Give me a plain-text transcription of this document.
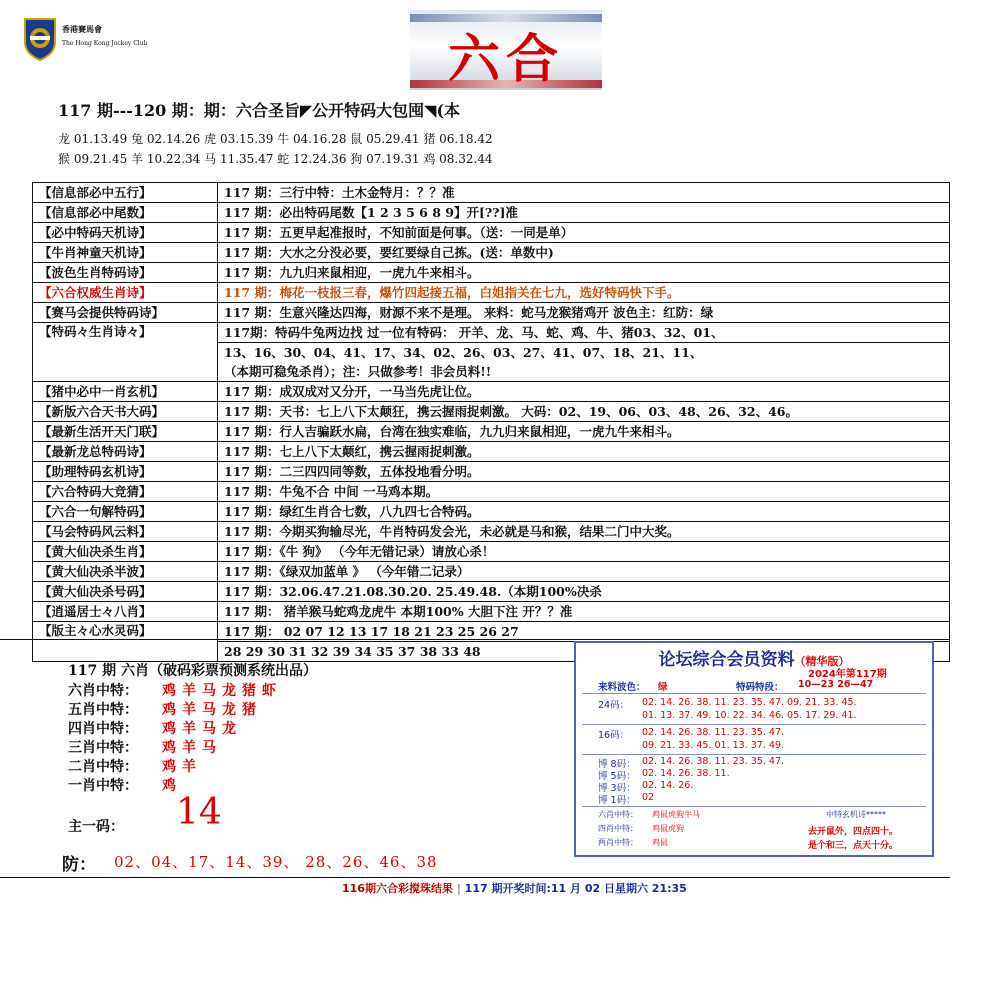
香港賽馬會
The Hong Kong Jockey Club	六合
117 期---120 期：期：六合圣旨◤公开特码大包囤◥(本
龙 01.13.49 兔 02.14.26 虎 03.15.39 牛 04.16.28 鼠 05.29.41 猪 06.18.42
猴 09.21.45 羊 10.22.34 马 11.35.47 蛇 12.24.36 狗 07.19.31 鸡 08.32.44
【信息部必中五行】	117 期：三行中特：土木金特月：？？准
【信息部必中尾数】	117 期：必出特码尾数【1 2 3 5 6 8 9】开[??]准
【必中特码天机诗】	117 期：五更早起准报时，不知前面是何事。（送：一同是单）
【牛肖神童天机诗】	117 期：大水之分没必要，要红要绿自己拣。(送：单数中)
【波色生肖特码诗】	117 期：九九归来鼠相迎，一虎九牛来相斗。
【六合权威生肖诗】	117 期：梅花一枝报三春，爆竹四起接五福，白姐指关在七九，选好特码快下手。
【赛马会提供特码诗】	117 期：生意兴隆达四海，财源不来不是理。 来料：蛇马龙猴猪鸡开 波色主：红防：绿
【特码々生肖诗々】	117期：特码牛兔两边找 过一位有特码： 开羊、龙、马、蛇、鸡、牛、猪03、32、01、
	13、16、30、04、41、17、34、02、26、03、27、41、07、18、21、11、
	（本期可稳兔杀肖）；注：只做参考！非会员料!!
【猪中必中一肖玄机】	117 期：成双成对又分开，一马当先虎让位。
【新版六合天书大码】	117 期：天书：七上八下太颠狂，携云握雨捉刺激。 大码：02、19、06、03、48、26、32、46。
【最新生活开天门联】	117 期：行人吉骗跃水扁，台湾在独实难临，九九归来鼠相迎，一虎九牛来相斗。
【最新龙总特码诗】	117 期：七上八下太颠红，携云握雨捉刺激。
【助理特码玄机诗】	117 期：二三四四同等数，五体投地看分明。
【六合特码大竞猜】	117 期：牛兔不合 中间 一马鸡本期。
【六合一句解特码】	117 期：绿红生肖合七数，八九四七合特码。
【马会特码风云料】	117 期：今期买狗输尽光，牛肖特码发会光，未必就是马和猴，结果二门中大奖。
【黄大仙决杀生肖】	117 期：《牛 狗》 （今年无错记录）请放心杀！
【黄大仙决杀半波】	117 期：《绿双加蓝单 》 （今年错二记录）
【黄大仙决杀号码】	117 期：32.06.47.21.08.30.20. 25.49.48.（本期100%决杀
【逍遥居士々八肖】	117 期： 猪羊猴马蛇鸡龙虎牛 本期100% 大胆下注 开？？准
【版主々心水灵码】	117 期： 02 07 12 13 17 18 21 23 25 26 27
	28 29 30 31 32 39 34 35 37 38 33 48
117 期 六肖（破码彩票预测系统出品）
六肖中特： 鸡羊马龙猪虾
五肖中特： 鸡羊马龙猪
四肖中特： 鸡羊马龙
三肖中特： 鸡羊马
二肖中特： 鸡羊
一肖中特： 鸡
主一码： 14
防： 02、04、17、14、39、 28、26、46、38
论坛综合会员资料（精华版）
2024年第117期
来料波色： 绿	特码特段： 10—23 26—47
24码： 02. 14. 26. 38. 11. 23. 35. 47. 09. 21. 33. 45.
01. 13. 37. 49. 10. 22. 34. 46. 05. 17. 29. 41.
16码： 02. 14. 26. 38. 11. 23. 35. 47.
09. 21. 33. 45. 01. 13. 37. 49.
博 8码： 02. 14. 26. 38. 11. 23. 35. 47.
博 5码： 02. 14. 26. 38. 11.
博 3码： 02. 14. 26.
博 1码： 02
六肖中特： 鸡鼠虎狗牛马
四肖中特： 鸡鼠虎狗
两肖中特： 鸡鼠
中特玄机诗*****
去开鼠外，四点四十。
是个和三，点天十分。
116期六合彩搅珠结果 | 117 期开奖时间:11 月 02 日星期六 21:35
